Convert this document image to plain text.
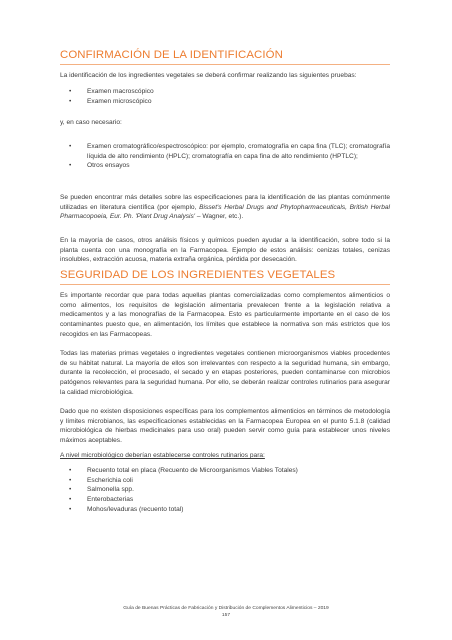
CONFIRMACIÓN DE LA IDENTIFICACIÓN

La identificación de los ingredientes vegetales se deberá confirmar realizando las siguientes pruebas:

• Examen macroscópico
• Examen microscópico

y, en caso necesario:

• Examen cromatográfico/espectroscópico: por ejemplo, cromatografía en capa fina (TLC); cromatografía líquida de alto rendimiento (HPLC); cromatografía en capa fina de alto rendimiento (HPTLC);
• Otros ensayos

Se pueden encontrar más detalles sobre las especificaciones para la identificación de las plantas comúnmente utilizadas en literatura científica (por ejemplo, Bisset's Herbal Drugs and Phytopharmaceuticals, British Herbal Pharmacopoeia, Eur. Ph. 'Plant Drug Analysis' – Wagner, etc.).

En la mayoría de casos, otros análisis físicos y químicos pueden ayudar a la identificación, sobre todo si la planta cuenta con una monografía en la Farmacopea. Ejemplo de estos análisis: cenizas totales, cenizas insolubles, extracción acuosa, materia extraña orgánica, pérdida por desecación.

SEGURIDAD DE LOS INGREDIENTES VEGETALES

Es importante recordar que para todas aquellas plantas comercializadas como complementos alimenticios o como alimentos, los requisitos de legislación alimentaria prevalecen frente a la legislación relativa a medicamentos y a las monografías de la Farmacopea. Esto es particularmente importante en el caso de los contaminantes puesto que, en alimentación, los límites que establece la normativa son más estrictos que los recogidos en las Farmacopeas.

Todas las materias primas vegetales o ingredientes vegetales contienen microorganismos viables procedentes de su hábitat natural. La mayoría de ellos son irrelevantes con respecto a la seguridad humana, sin embargo, durante la recolección, el procesado, el secado y en etapas posteriores, pueden contaminarse con microbios patógenos relevantes para la seguridad humana. Por ello, se deberán realizar controles rutinarios para asegurar la calidad microbiológica.

Dado que no existen disposiciones específicas para los complementos alimenticios en términos de metodología y límites microbianos, las especificaciones establecidas en la Farmacopea Europea en el punto 5.1.8 (calidad microbiológica de hierbas medicinales para uso oral) pueden servir como guía para establecer unos niveles máximos aceptables.

A nivel microbiológico deberían establecerse controles rutinarios para:

• Recuento total en placa (Recuento de Microorganismos Viables Totales)
• Escherichia coli
• Salmonella spp.
• Enterobacterias
• Mohos/levaduras (recuento total)
Guía de Buenas Prácticas de Fabricación y Distribución de Complementos Alimenticios – 2019
157
